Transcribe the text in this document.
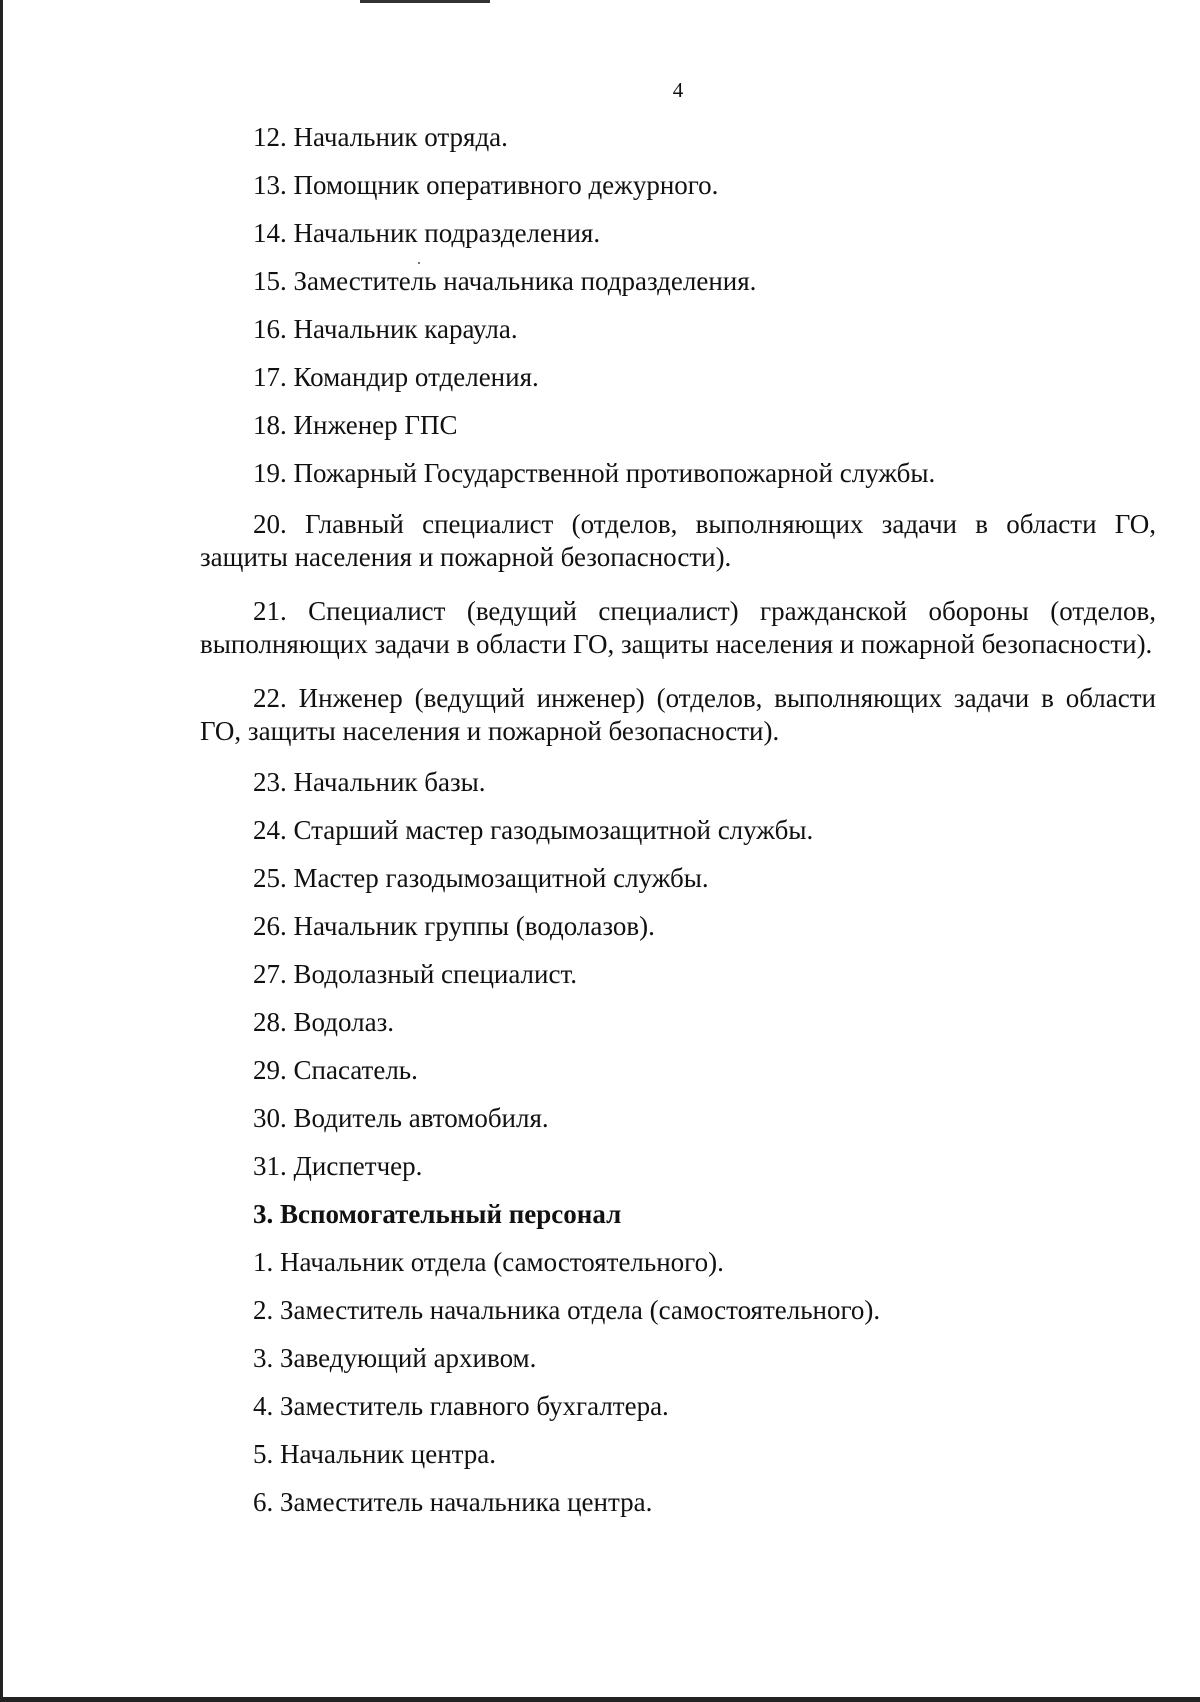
4

12. Начальник отряда.

13. Помощник оперативного дежурного.

14. Начальник подразделения.

15. Заместитель начальника подразделения.

16. Начальник караула.

17. Командир отделения.

18. Инженер ГПС

19. Пожарный Государственной противопожарной службы.

20. Главный специалист (отделов, выполняющих задачи в области ГО, защиты населения и пожарной безопасности).

21. Специалист (ведущий специалист) гражданской обороны (отделов, выполняющих задачи в области ГО, защиты населения и пожарной безопасности).

22. Инженер (ведущий инженер) (отделов, выполняющих задачи в области ГО, защиты населения и пожарной безопасности).

23. Начальник базы.

24. Старший мастер газодымозащитной службы.

25. Мастер газодымозащитной службы.

26. Начальник группы (водолазов).

27. Водолазный специалист.

28. Водолаз.

29. Спасатель.

30. Водитель автомобиля.

31. Диспетчер.

3. Вспомогательный персонал

1. Начальник отдела (самостоятельного).

2. Заместитель начальника отдела (самостоятельного).

3. Заведующий архивом.

4. Заместитель главного бухгалтера.

5. Начальник центра.

6. Заместитель начальника центра.
